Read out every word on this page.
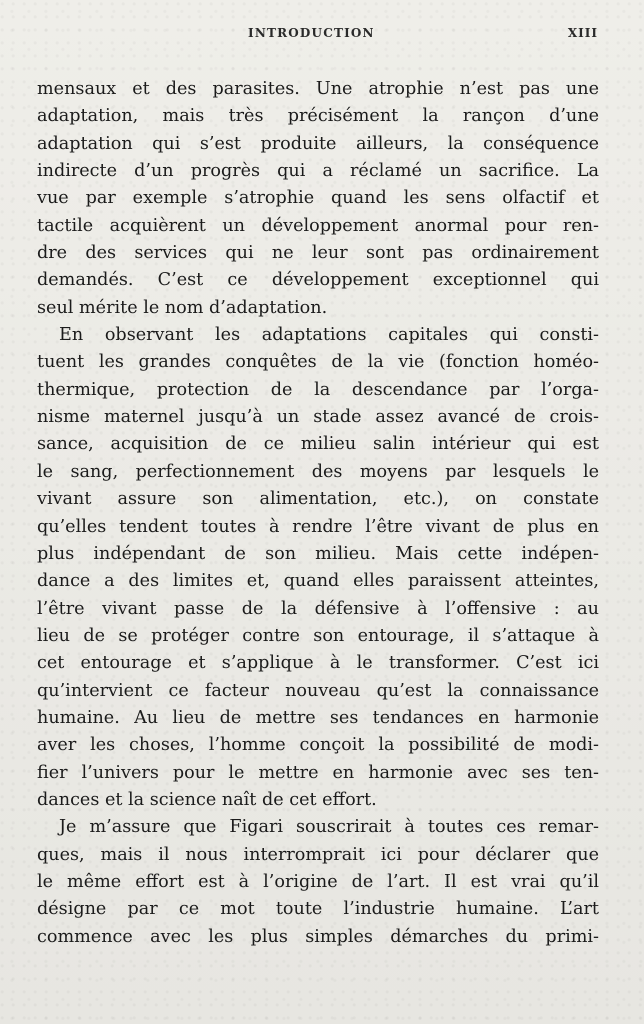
INTRODUCTION	XIII
mensaux et des parasites. Une atrophie n’est pas une
adaptation, mais très précisément la rançon d’une
adaptation qui s’est produite ailleurs, la conséquence
indirecte d’un progrès qui a réclamé un sacrifice. La
vue par exemple s’atrophie quand les sens olfactif et
tactile acquièrent un développement anormal pour ren-
dre des services qui ne leur sont pas ordinairement
demandés. C’est ce développement exceptionnel qui
seul mérite le nom d’adaptation.
En observant les adaptations capitales qui consti-
tuent les grandes conquêtes de la vie (fonction homéo-
thermique, protection de la descendance par l’orga-
nisme maternel jusqu’à un stade assez avancé de crois-
sance, acquisition de ce milieu salin intérieur qui est
le sang, perfectionnement des moyens par lesquels le
vivant assure son alimentation, etc.), on constate
qu’elles tendent toutes à rendre l’être vivant de plus en
plus indépendant de son milieu. Mais cette indépen-
dance a des limites et, quand elles paraissent atteintes,
l’être vivant passe de la défensive à l’offensive : au
lieu de se protéger contre son entourage, il s’attaque à
cet entourage et s’applique à le transformer. C’est ici
qu’intervient ce facteur nouveau qu’est la connaissance
humaine. Au lieu de mettre ses tendances en harmonie
aver les choses, l’homme conçoit la possibilité de modi-
fier l’univers pour le mettre en harmonie avec ses ten-
dances et la science naît de cet effort.
Je m’assure que Figari souscrirait à toutes ces remar-
ques, mais il nous interromprait ici pour déclarer que
le même effort est à l’origine de l’art. Il est vrai qu’il
désigne par ce mot toute l’industrie humaine. L’art
commence avec les plus simples démarches du primi-
